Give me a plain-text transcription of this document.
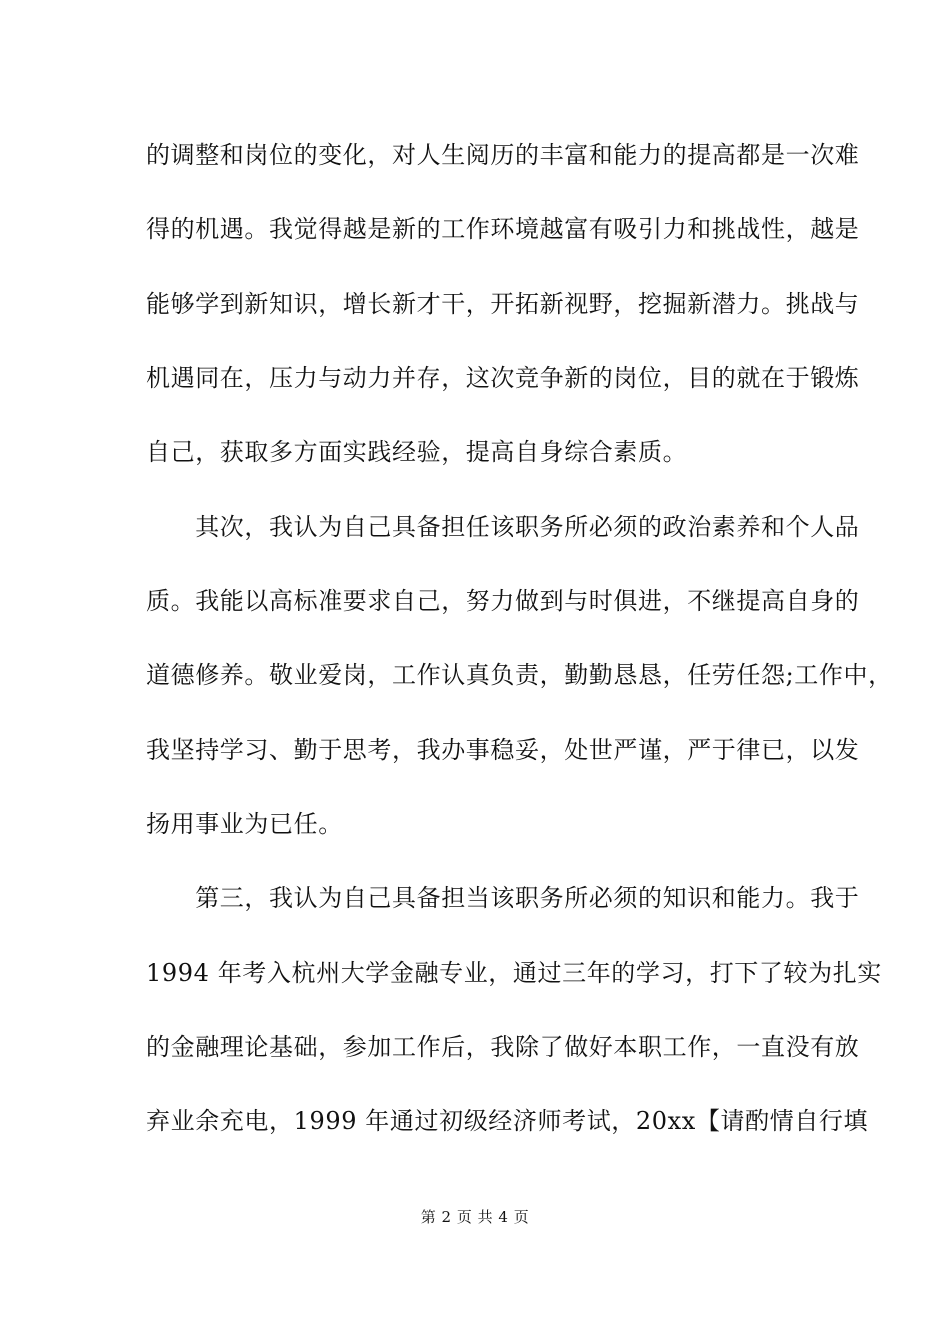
的调整和岗位的变化，对人生阅历的丰富和能力的提高都是一次难
得的机遇。我觉得越是新的工作环境越富有吸引力和挑战性，越是
能够学到新知识，增长新才干，开拓新视野，挖掘新潜力。挑战与
机遇同在，压力与动力并存，这次竞争新的岗位，目的就在于锻炼
自己，获取多方面实践经验，提高自身综合素质。
　　其次，我认为自己具备担任该职务所必须的政治素养和个人品
质。我能以高标准要求自己，努力做到与时俱进，不继提高自身的
道德修养。敬业爱岗，工作认真负责，勤勤恳恳，任劳任怨;工作中，
我坚持学习、勤于思考，我办事稳妥，处世严谨，严于律已，以发
扬用事业为已任。
　　第三，我认为自己具备担当该职务所必须的知识和能力。我于
1994 年考入杭州大学金融专业，通过三年的学习，打下了较为扎实
的金融理论基础，参加工作后，我除了做好本职工作，一直没有放
弃业余充电，1999 年通过初级经济师考试，20xx【请酌情自行填
第 2 页 共 4 页
